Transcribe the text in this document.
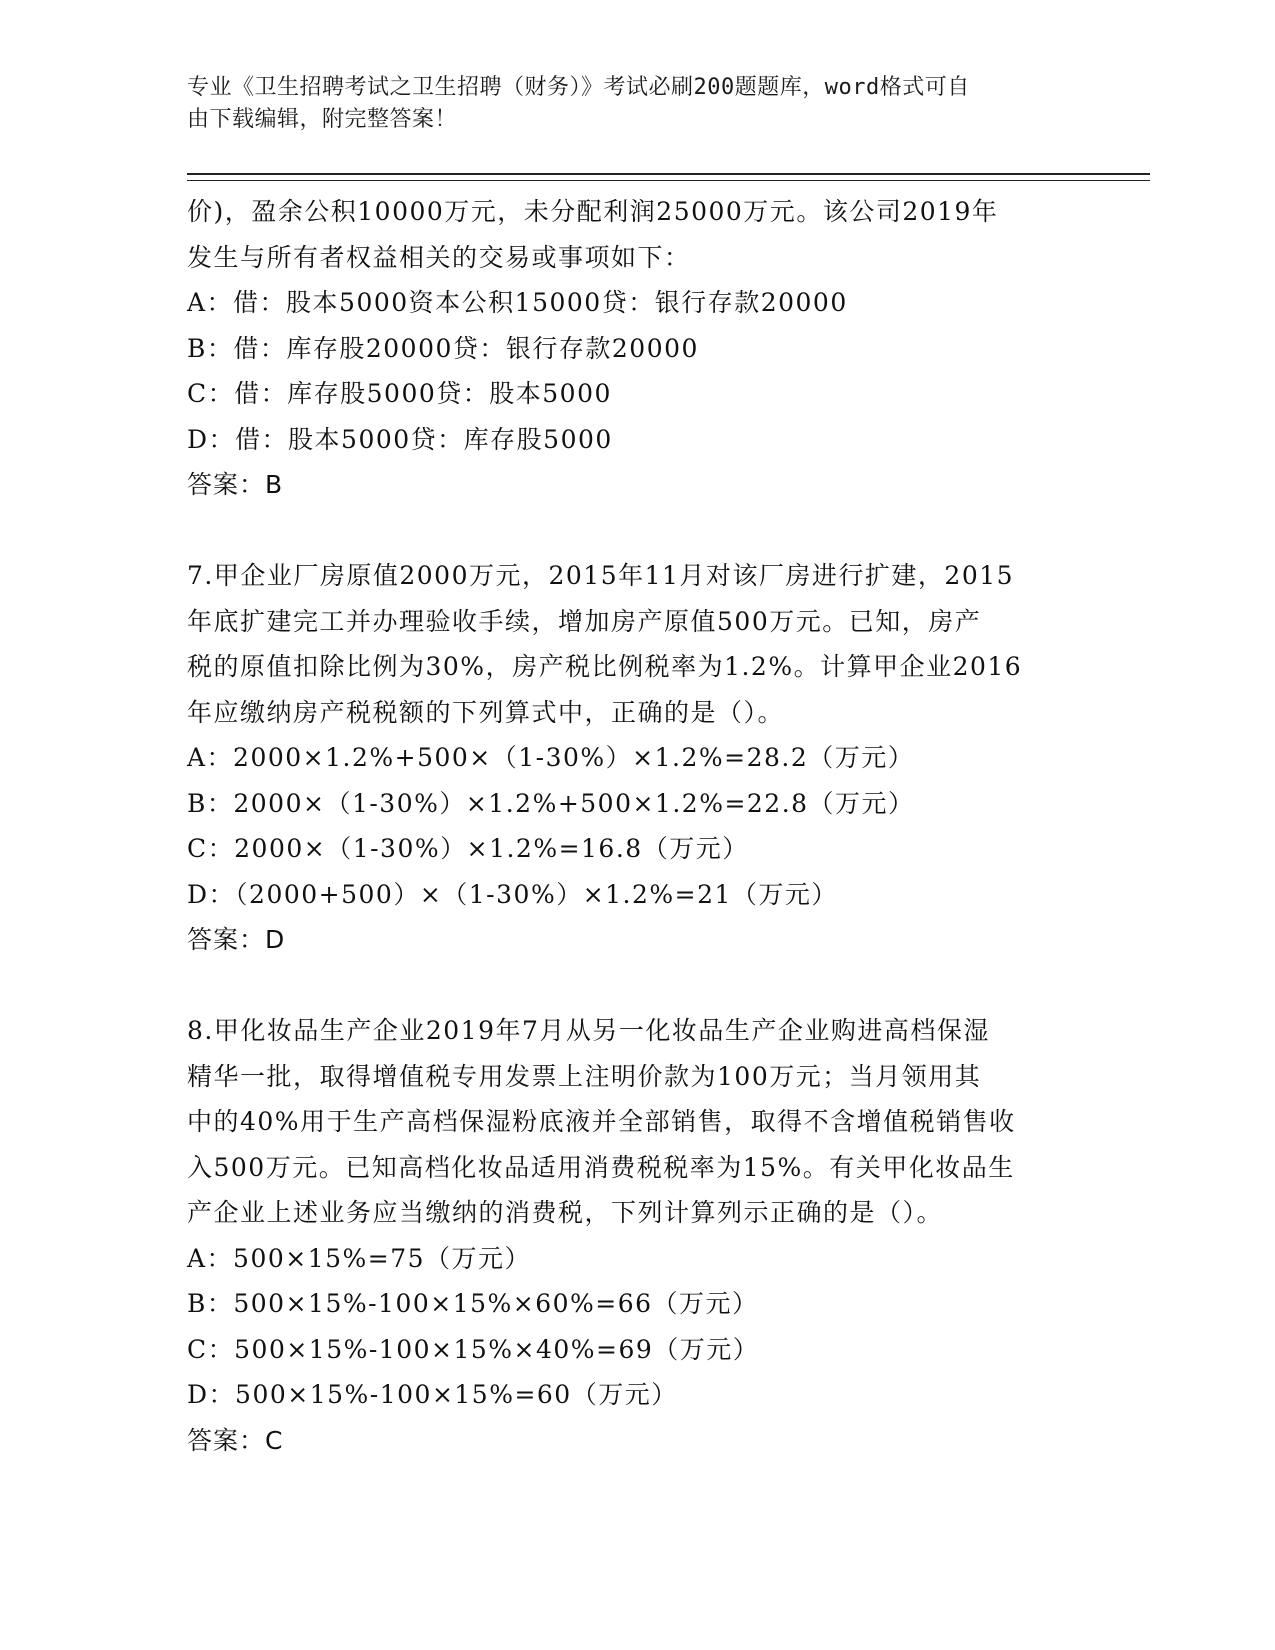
专业《卫生招聘考试之卫生招聘（财务）》考试必刷200题题库，word格式可自
由下载编辑，附完整答案！
价)，盈余公积10000万元，未分配利润25000万元。该公司2019年
发生与所有者权益相关的交易或事项如下：
A：借：股本5000资本公积15000贷：银行存款20000
B：借：库存股20000贷：银行存款20000
C：借：库存股5000贷：股本5000
D：借：股本5000贷：库存股5000
答案：B
7.甲企业厂房原值2000万元，2015年11月对该厂房进行扩建，2015
年底扩建完工并办理验收手续，增加房产原值500万元。已知，房产
税的原值扣除比例为30%，房产税比例税率为1.2%。计算甲企业2016
年应缴纳房产税税额的下列算式中，正确的是（）。
A：2000×1.2%+500×（1-30%）×1.2%=28.2（万元）
B：2000×（1-30%）×1.2%+500×1.2%=22.8（万元）
C：2000×（1-30%）×1.2%=16.8（万元）
D：（2000+500）×（1-30%）×1.2%=21（万元）
答案：D
8.甲化妆品生产企业2019年7月从另一化妆品生产企业购进高档保湿
精华一批，取得增值税专用发票上注明价款为100万元；当月领用其
中的40%用于生产高档保湿粉底液并全部销售，取得不含增值税销售收
入500万元。已知高档化妆品适用消费税税率为15%。有关甲化妆品生
产企业上述业务应当缴纳的消费税，下列计算列示正确的是（）。
A：500×15%=75（万元）
B：500×15%-100×15%×60%=66（万元）
C：500×15%-100×15%×40%=69（万元）
D：500×15%-100×15%=60（万元）
答案：C
